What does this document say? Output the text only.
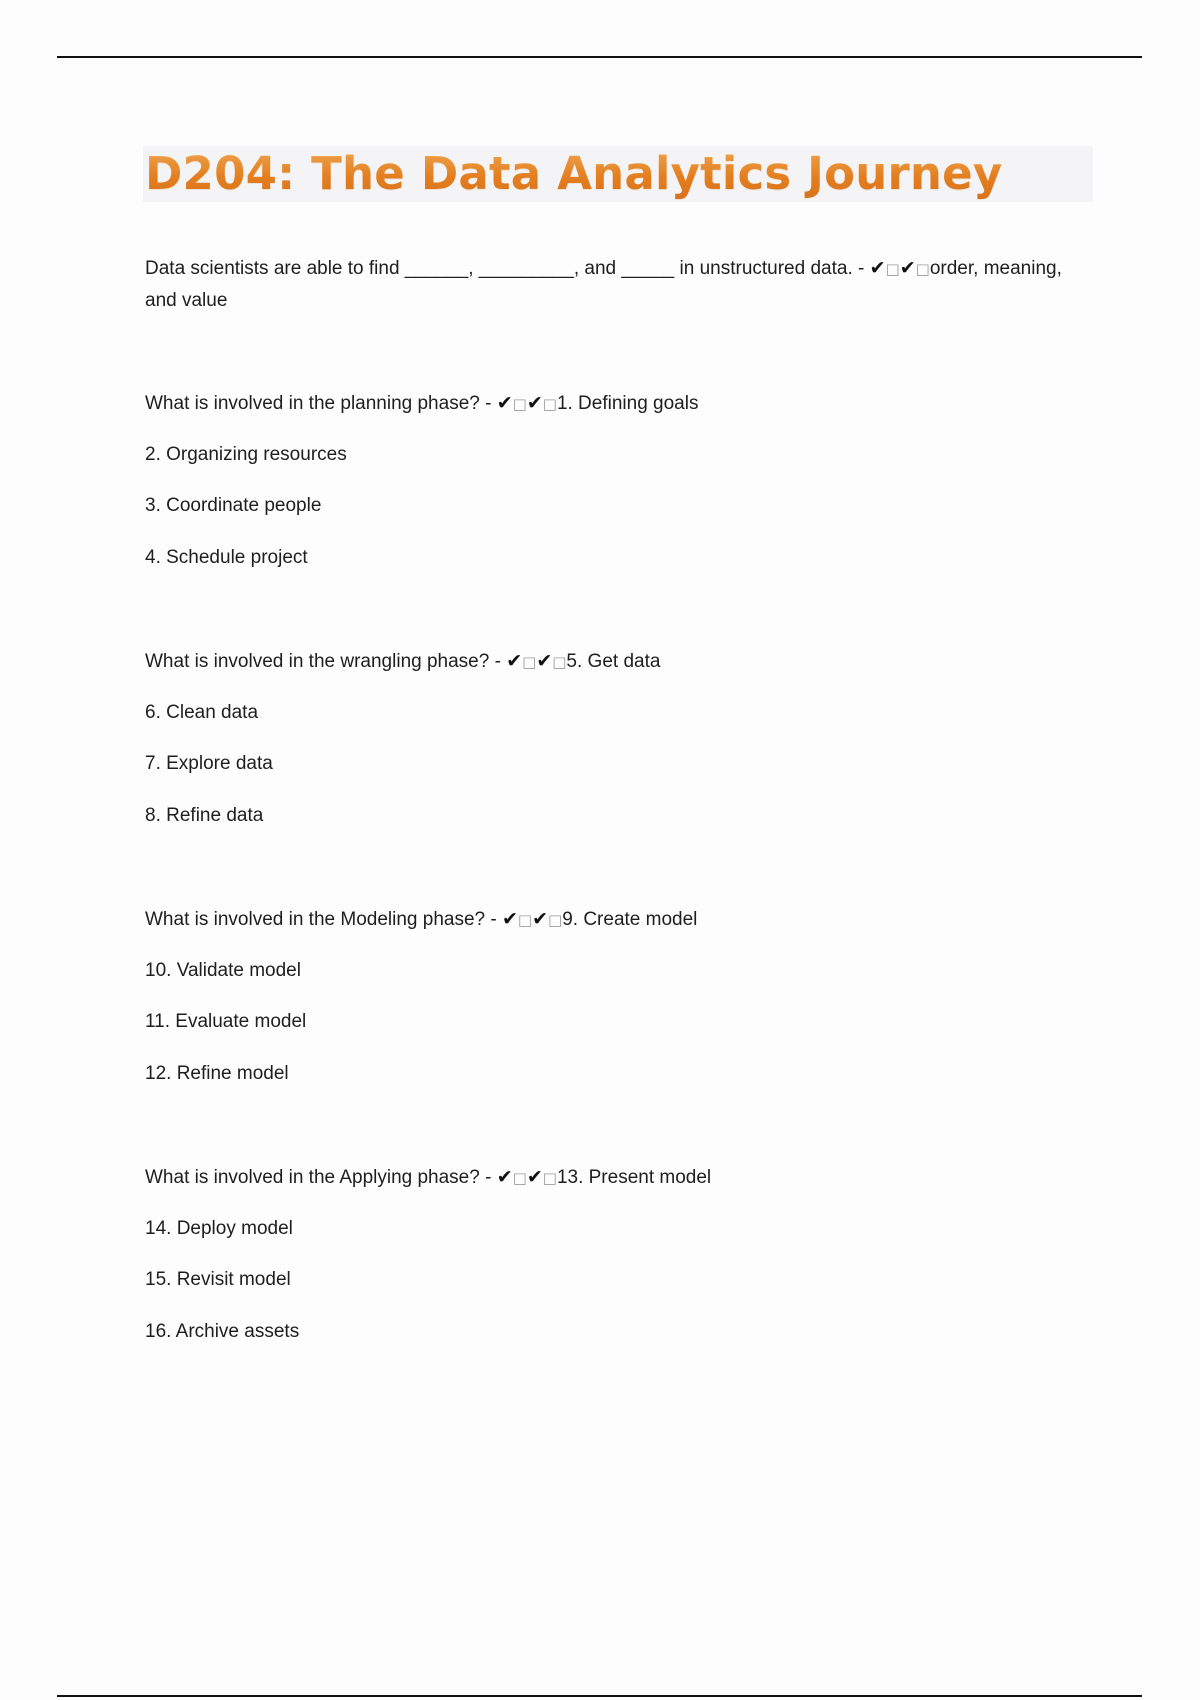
D204: The Data Analytics Journey
Data scientists are able to find ______, _________, and _____ in unstructured data. - ✔□✔□order, meaning, and value
What is involved in the planning phase? - ✔□✔□1. Defining goals
2. Organizing resources
3. Coordinate people
4. Schedule project
What is involved in the wrangling phase? - ✔□✔□5. Get data
6. Clean data
7. Explore data
8. Refine data
What is involved in the Modeling phase? - ✔□✔□9. Create model
10. Validate model
11. Evaluate model
12. Refine model
What is involved in the Applying phase? - ✔□✔□13. Present model
14. Deploy model
15. Revisit model
16. Archive assets
